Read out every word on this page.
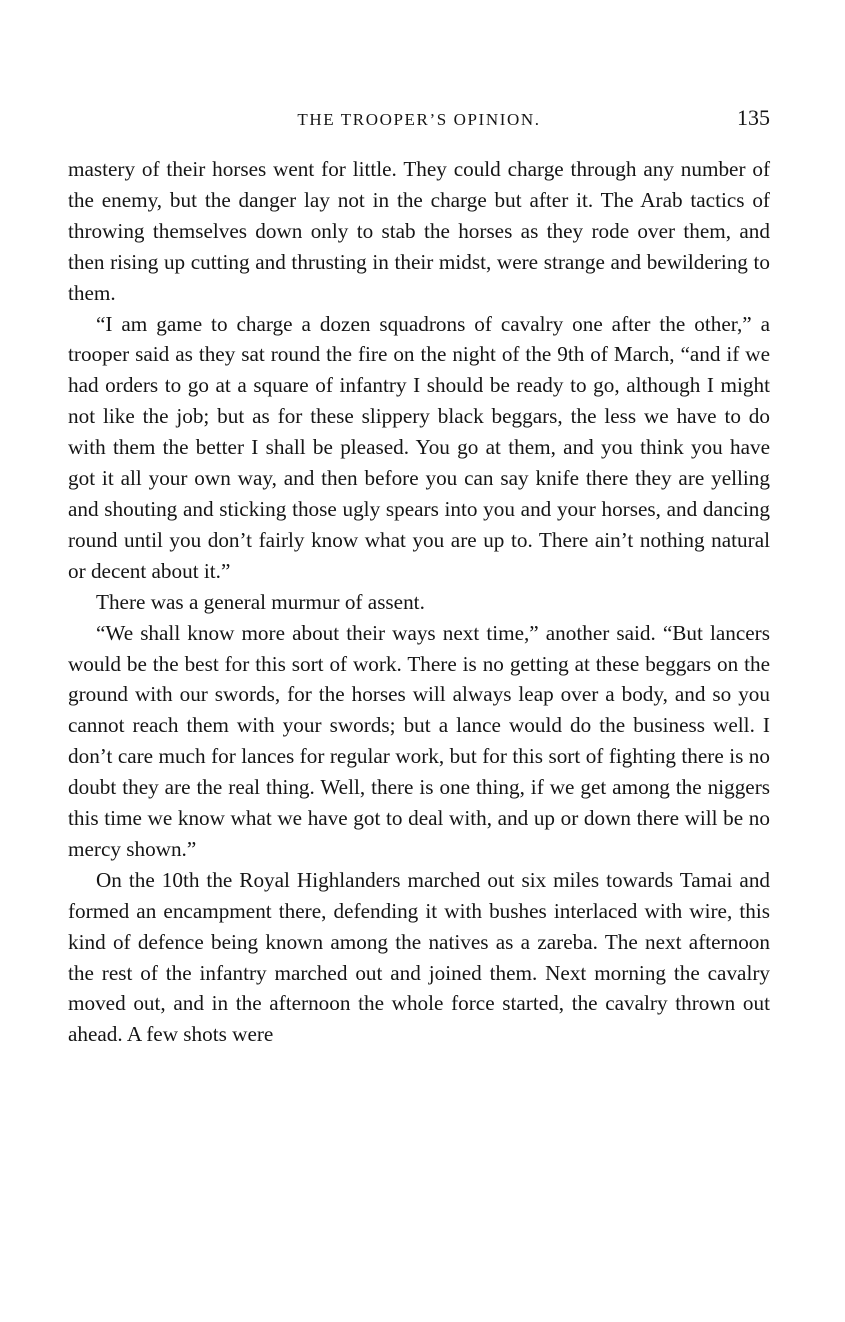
THE TROOPER’S OPINION.	135

mastery of their horses went for little. They could charge through any number of the enemy, but the danger lay not in the charge but after it. The Arab tactics of throwing themselves down only to stab the horses as they rode over them, and then rising up cutting and thrusting in their midst, were strange and bewildering to them.

“I am game to charge a dozen squadrons of cavalry one after the other,” a trooper said as they sat round the fire on the night of the 9th of March, “and if we had orders to go at a square of infantry I should be ready to go, although I might not like the job; but as for these slippery black beggars, the less we have to do with them the better I shall be pleased. You go at them, and you think you have got it all your own way, and then before you can say knife there they are yelling and shouting and sticking those ugly spears into you and your horses, and dancing round until you don’t fairly know what you are up to. There ain’t nothing natural or decent about it.”

There was a general murmur of assent.

“We shall know more about their ways next time,” another said. “But lancers would be the best for this sort of work. There is no getting at these beggars on the ground with our swords, for the horses will always leap over a body, and so you cannot reach them with your swords; but a lance would do the business well. I don’t care much for lances for regular work, but for this sort of fighting there is no doubt they are the real thing. Well, there is one thing, if we get among the niggers this time we know what we have got to deal with, and up or down there will be no mercy shown.”

On the 10th the Royal Highlanders marched out six miles towards Tamai and formed an encampment there, defending it with bushes interlaced with wire, this kind of defence being known among the natives as a zareba. The next afternoon the rest of the infantry marched out and joined them. Next morning the cavalry moved out, and in the afternoon the whole force started, the cavalry thrown out ahead. A few shots were
